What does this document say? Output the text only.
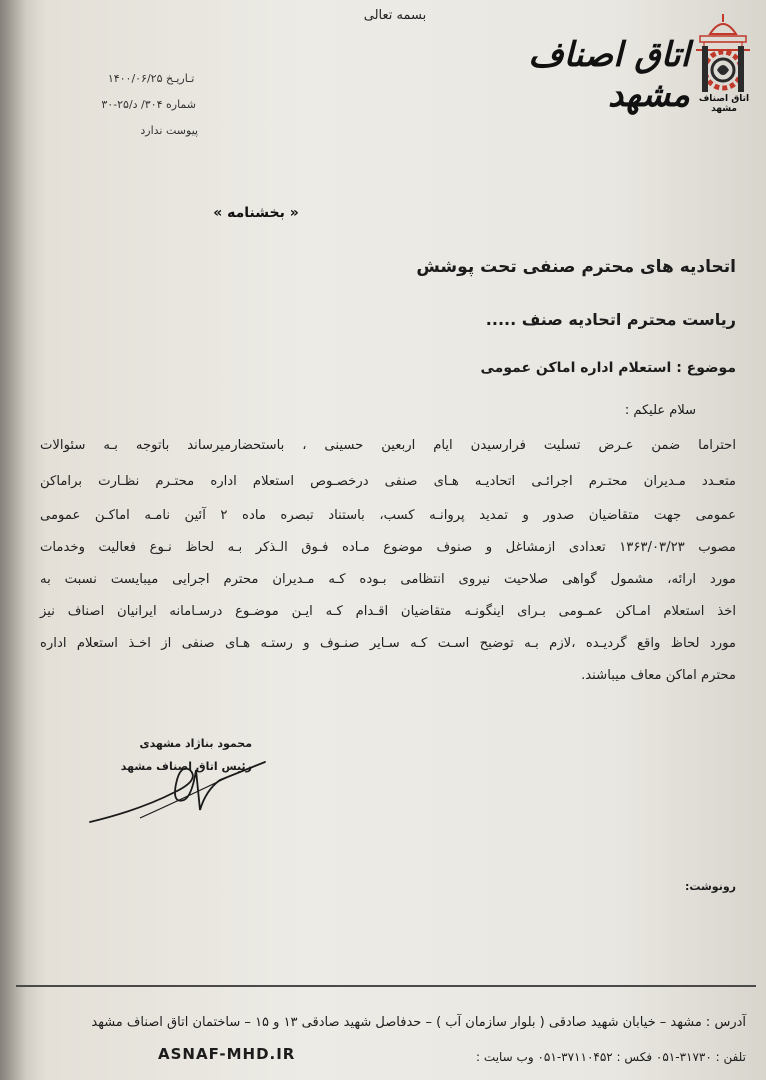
بسمه تعالی
اتاق اصناف مشهد
اتاق اصناف مشهد
تـاريـخ ۱۴۰۰/۰۶/۲۵
شماره ۳۰۴/ د/۲۵-۳۰
پیوست ندارد
« بخشنامه »
اتحادیه های محترم صنفی تحت پوشش
ریاست محترم اتحادیه صنف .....
موضوع : استعلام اداره اماکن عمومی
سلام علیکم :
احتراما ضمن عـرض تسلیت فرارسیدن ایام اربعین حسینی ، باستحضارمیرساند باتوجه بـه سئوالات
متعـدد مـدیران محتـرم اجرائـی اتحادیـه هـای صنفی درخصـوص استعلام اداره محتـرم نظـارت براماکن
عمومی جهت متقاضیان صدور و تمدید پروانـه کسب، باستناد تبصره ماده ۲ آئین نامـه اماکـن عمومی
مصوب ۱۳۶۳/۰۳/۲۳ تعدادی ازمشاغل و صنوف موضوع مـاده فـوق الـذکر بـه لحاظ نـوع فعالیت وخدمات
مورد ارائه، مشمول گواهی صلاحیت نیروی انتظامی بـوده کـه مـدیران محترم اجرایی میبایست نسبت به
اخذ استعلام امـاکن عمـومی بـرای اینگونـه متقاضیان اقـدام کـه ایـن موضـوع درسـامانه ایرانیان اصناف نیز
مورد لحاظ واقع گردیـده ،لازم بـه توضیح اسـت کـه سـایر صنـوف و رستـه هـای صنفی از اخـذ استعلام اداره
محترم اماکن معاف میباشند.
محمود بناژاد مشهدی
رئیس اتاق اصناف مشهد
رونوشت:
آدرس : مشهد – خیابان شهید صادقی ( بلوار سازمان آب ) – حدفاصل شهید صادقی ۱۳ و ۱۵ – ساختمان اتاق اصناف مشهد
ASNAF-MHD.IR	تلفن : ۳۱۷۳۰-۰۵۱ فکس : ۳۷۱۱۰۴۵۲-۰۵۱ وب سایت :
